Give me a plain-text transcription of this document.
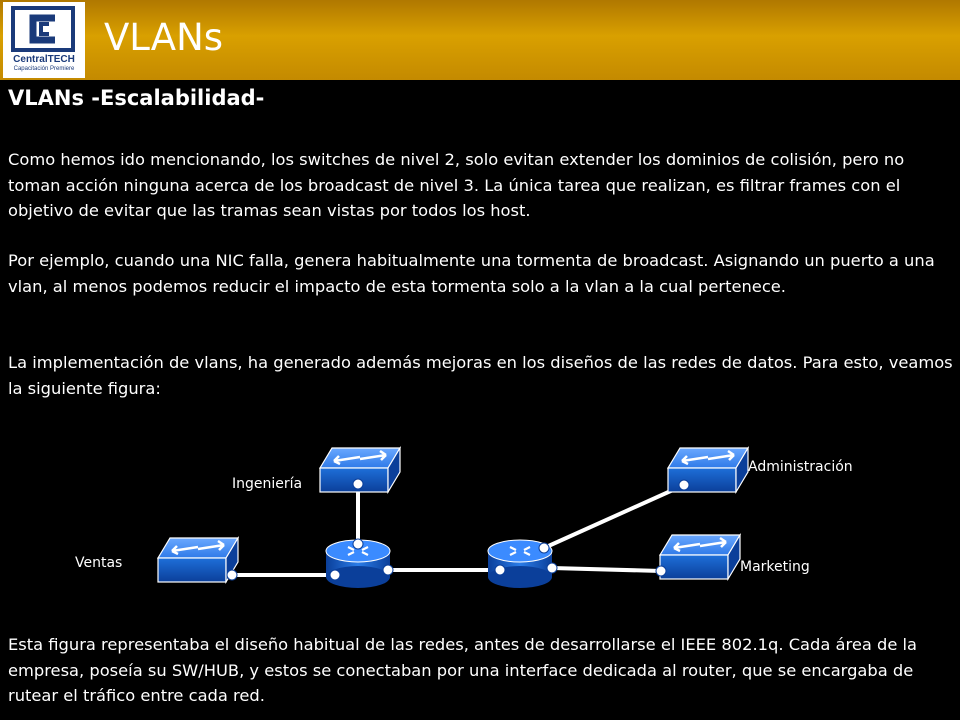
CentralTECH
Capacitación Premiere
VLANs
VLANs -Escalabilidad-
Como hemos ido mencionando, los switches de nivel 2, solo evitan extender los dominios de colisión, pero no toman acción ninguna acerca de los broadcast de nivel 3. La única tarea que realizan, es filtrar frames con el objetivo de evitar que las tramas sean vistas por todos los host.
Por ejemplo, cuando una NIC falla, genera habitualmente una tormenta de broadcast. Asignando un puerto a una vlan, al menos podemos reducir el impacto de esta tormenta solo a la vlan a la cual pertenece.
La implementación de vlans, ha generado además mejoras en los diseños de las redes de datos. Para esto, veamos la siguiente figura:
Ingeniería
Ventas
Administración
Marketing
Esta figura representaba el diseño habitual de las redes, antes de desarrollarse el IEEE 802.1q. Cada área de la empresa, poseía su SW/HUB, y estos se conectaban por una interface dedicada al router, que se encargaba de rutear el tráfico entre cada red.
